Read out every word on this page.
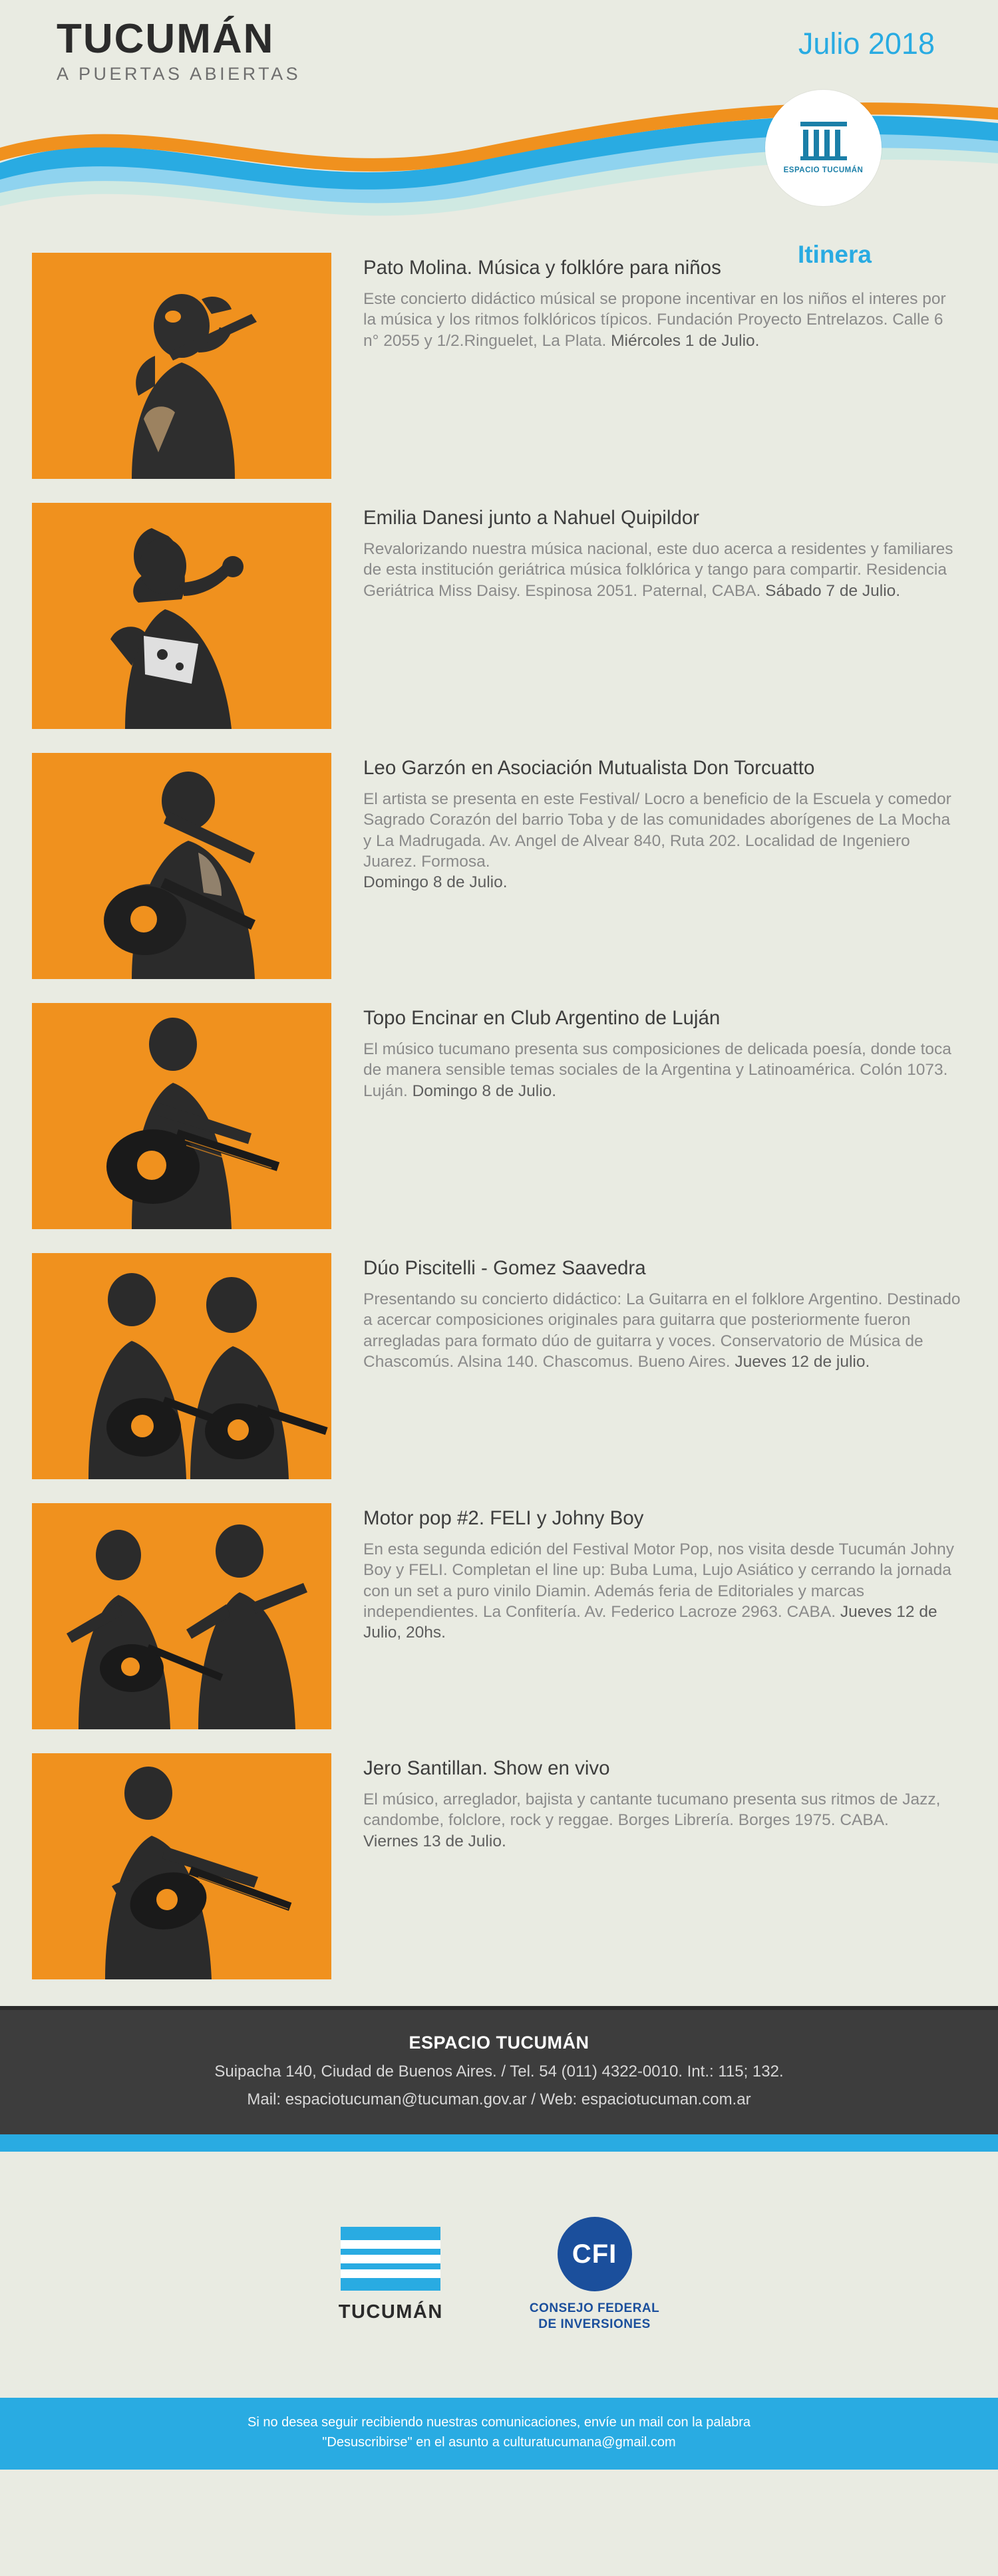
TUCUMÁN
A PUERTAS ABIERTAS
Julio 2018
ESPACIO TUCUMÁN
Itinera
Pato Molina. Música y folklóre para niños

Este concierto didáctico músical se propone incentivar en los niños el interes por la música y los ritmos folklóricos típicos. Fundación Proyecto Entrelazos. Calle 6 n° 2055 y 1/2.Ringuelet, La Plata. Miércoles 1 de Julio.

Emilia Danesi junto a Nahuel Quipildor

Revalorizando nuestra música nacional, este duo acerca a residentes y familiares de esta institución geriátrica música folklórica y tango para compartir. Residencia Geriátrica Miss Daisy. Espinosa 2051. Paternal, CABA. Sábado 7 de Julio.

Leo Garzón en Asociación Mutualista Don Torcuatto

El artista se presenta en este Festival/ Locro a beneficio de la Escuela y comedor Sagrado Corazón del barrio Toba y de las comunidades aborígenes de La Mocha y La Madrugada. Av. Angel de Alvear 840, Ruta 202. Localidad de Ingeniero Juarez. Formosa.
Domingo 8 de Julio.

Topo Encinar en Club Argentino de Luján

El músico tucumano presenta sus composiciones de delicada poesía, donde toca de manera sensible temas sociales de la Argentina y Latinoamérica. Colón 1073. Luján. Domingo 8 de Julio.

Dúo Piscitelli - Gomez Saavedra

Presentando su concierto didáctico: La Guitarra en el folklore Argentino. Destinado a acercar composiciones originales para guitarra que posteriormente fueron arregladas para formato dúo de guitarra y voces. Conservatorio de Música de Chascomús. Alsina 140. Chascomus. Bueno Aires. Jueves 12 de julio.

Motor pop #2. FELI y Johny Boy

En esta segunda edición del Festival Motor Pop, nos visita desde Tucumán Johny Boy y FELI. Completan el line up: Buba Luma, Lujo Asiático y cerrando la jornada con un set a puro vinilo Diamin. Además feria de Editoriales y marcas independientes. La Confitería. Av. Federico Lacroze 2963. CABA. Jueves 12 de Julio, 20hs.

Jero Santillan. Show en vivo

El músico, arreglador, bajista y cantante tucumano presenta sus ritmos de Jazz, candombe, folclore, rock y reggae. Borges Librería. Borges 1975. CABA.
Viernes 13 de Julio.

ESPACIO TUCUMÁN
Suipacha 140, Ciudad de Buenos Aires. / Tel. 54 (011) 4322-0010. Int.: 115; 132.
Mail: espaciotucuman@tucuman.gov.ar / Web: espaciotucuman.com.ar
TUCUMÁN
CFI
CONSEJO FEDERAL
DE INVERSIONES
Si no desea seguir recibiendo nuestras comunicaciones, envíe un mail con la palabra
"Desuscribirse" en el asunto a culturatucumana@gmail.com
